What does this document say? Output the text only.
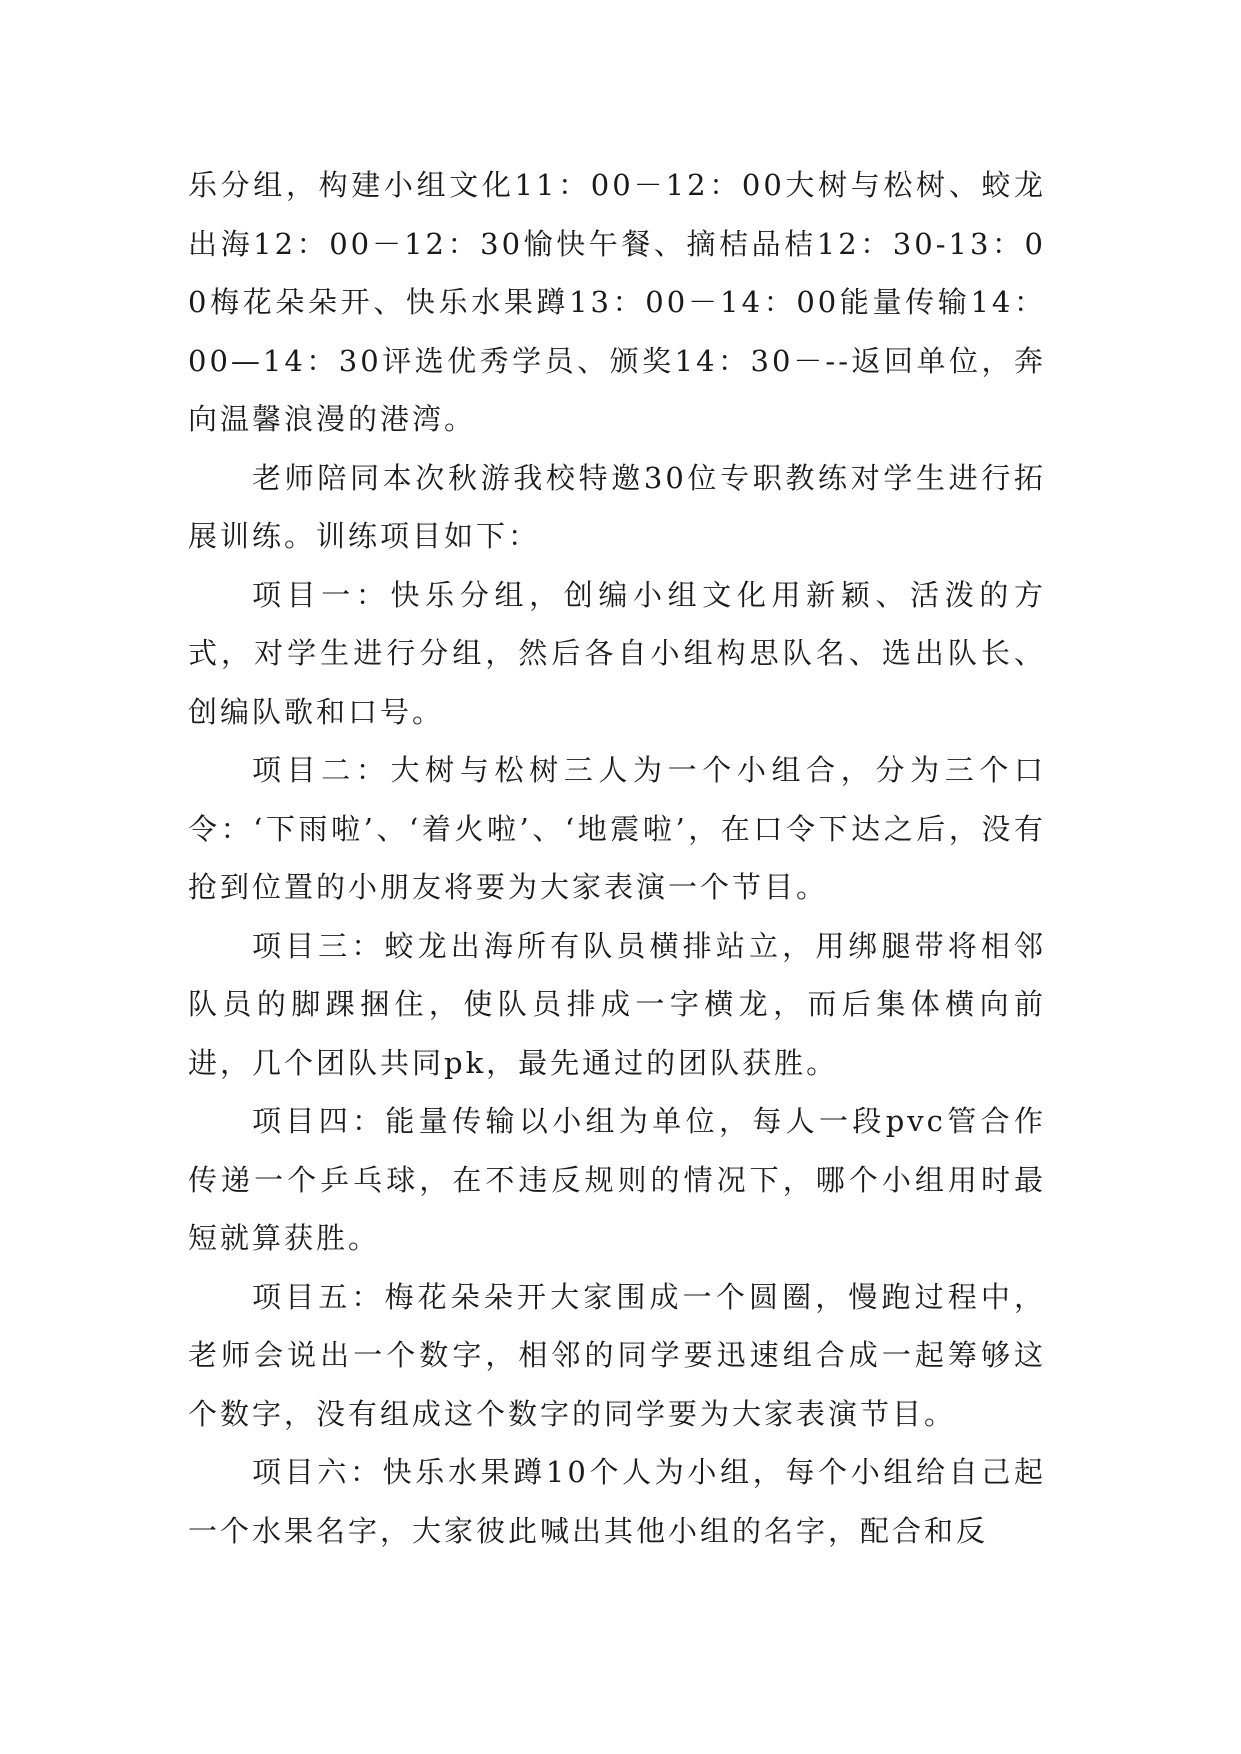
乐分组，构建小组文化11：00－12：00大树与松树、蛟龙出海12：00－12：30愉快午餐、摘桔品桔12：30-13：00梅花朵朵开、快乐水果蹲13：00－14：00能量传输14：00—14：30评选优秀学员、颁奖14：30－--返回单位，奔向温馨浪漫的港湾。

老师陪同本次秋游我校特邀30位专职教练对学生进行拓展训练。训练项目如下：

项目一：快乐分组，创编小组文化用新颖、活泼的方式，对学生进行分组，然后各自小组构思队名、选出队长、创编队歌和口号。

项目二：大树与松树三人为一个小组合，分为三个口令：‘下雨啦’、‘着火啦’、‘地震啦’，在口令下达之后，没有抢到位置的小朋友将要为大家表演一个节目。

项目三：蛟龙出海所有队员横排站立，用绑腿带将相邻队员的脚踝捆住，使队员排成一字横龙，而后集体横向前进，几个团队共同pk，最先通过的团队获胜。

项目四：能量传输以小组为单位，每人一段pvc管合作传递一个乒乓球，在不违反规则的情况下，哪个小组用时最短就算获胜。

项目五：梅花朵朵开大家围成一个圆圈，慢跑过程中，老师会说出一个数字，相邻的同学要迅速组合成一起筹够这个数字，没有组成这个数字的同学要为大家表演节目。

项目六：快乐水果蹲10个人为小组，每个小组给自己起一个水果名字，大家彼此喊出其他小组的名字，配合和反
